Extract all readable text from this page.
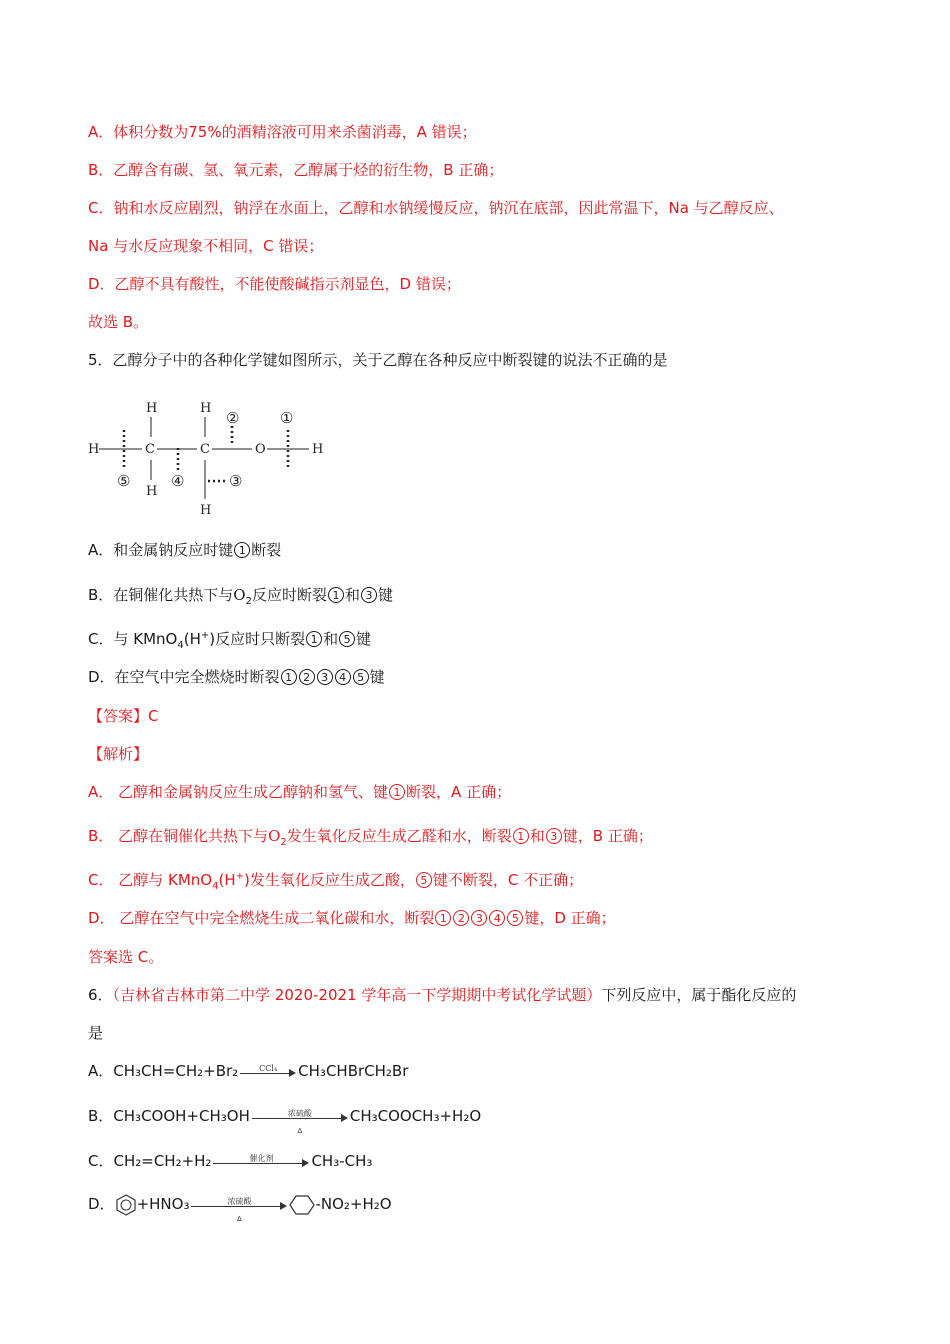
A．体积分数为75%的酒精溶液可用来杀菌消毒，A 错误；
B．乙醇含有碳、氢、氧元素，乙醇属于烃的衍生物，B 正确；
C．钠和水反应剧烈，钠浮在水面上，乙醇和水钠缓慢反应，钠沉在底部，因此常温下，Na 与乙醇反应、
Na 与水反应现象不相同，C 错误；
D．乙醇不具有酸性，不能使酸碱指示剂显色，D 错误；
故选 B。
5．乙醇分子中的各种化学键如图所示，关于乙醇在各种反应中断裂键的说法不正确的是
H	C	C	O	H
H	H
H
H
⑤	④
②
③
①
A．和金属钠反应时键 1 断裂
B．在铜催化共热下与$O_2$反应时断裂 1 和 3 键
C．与 KMnO$_4$(H+)反应时只断裂 1 和 5 键
D．在空气中完全燃烧时断裂 1 2 3 4 5 键
【答案】C
【解析】
A． 乙醇和金属钠反应生成乙醇钠和氢气、键 1 断裂，A 正确；
B． 乙醇在铜催化共热下与$O_2$发生氧化反应生成乙醛和水，断裂 1 和 3 键，B 正确；
C． 乙醇与 KMnO$_4$(H+)发生氧化反应生成乙酸， 5 键不断裂，C 不正确；
D． 乙醇在空气中完全燃烧生成二氧化碳和水，断裂 1 2 3 4 5 键，D 正确；
答案选 C。
6．（吉林省吉林市第二中学 2020-2021 学年高一下学期期中考试化学试题）下列反应中，属于酯化反应的
是
A．CH₃CH=CH₂+Br₂	CCl₄	CH₃CHBrCH₂Br
B．CH₃COOH+CH₃OH	浓硫酸
Δ
CH₃COOCH₃+H₂O
C．CH₂=CH₂+H₂	催化剂	CH₃-CH₃
D． +HNO₃	浓硫酸
Δ
-NO₂+H₂O
